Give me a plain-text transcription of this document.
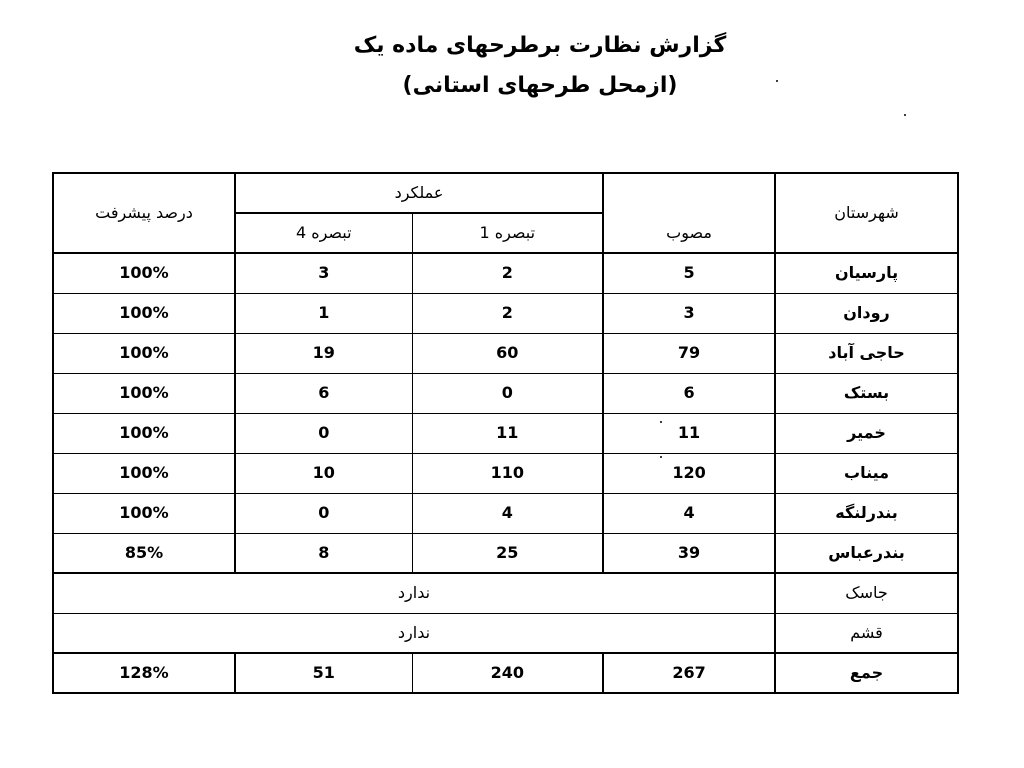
گزارش نظارت برطرحهای ماده یک
(ازمحل طرحهای استانی)
شهرستان	مصوب	عملکرد		درصد پیشرفت
		تبصره 1	تبصره 4	
پارسیان	5	2	3	100%
رودان	3	2	1	100%
حاجی آباد	79	60	19	100%
بستک	6	0	6	100%
خمیر	11	11	0	100%
میناب	120	110	10	100%
بندرلنگه	4	4	0	100%
بندرعباس	39	25	8	85%
جاسک	ندارد			
قشم	ندارد			
جمع	267	240	51	128%
